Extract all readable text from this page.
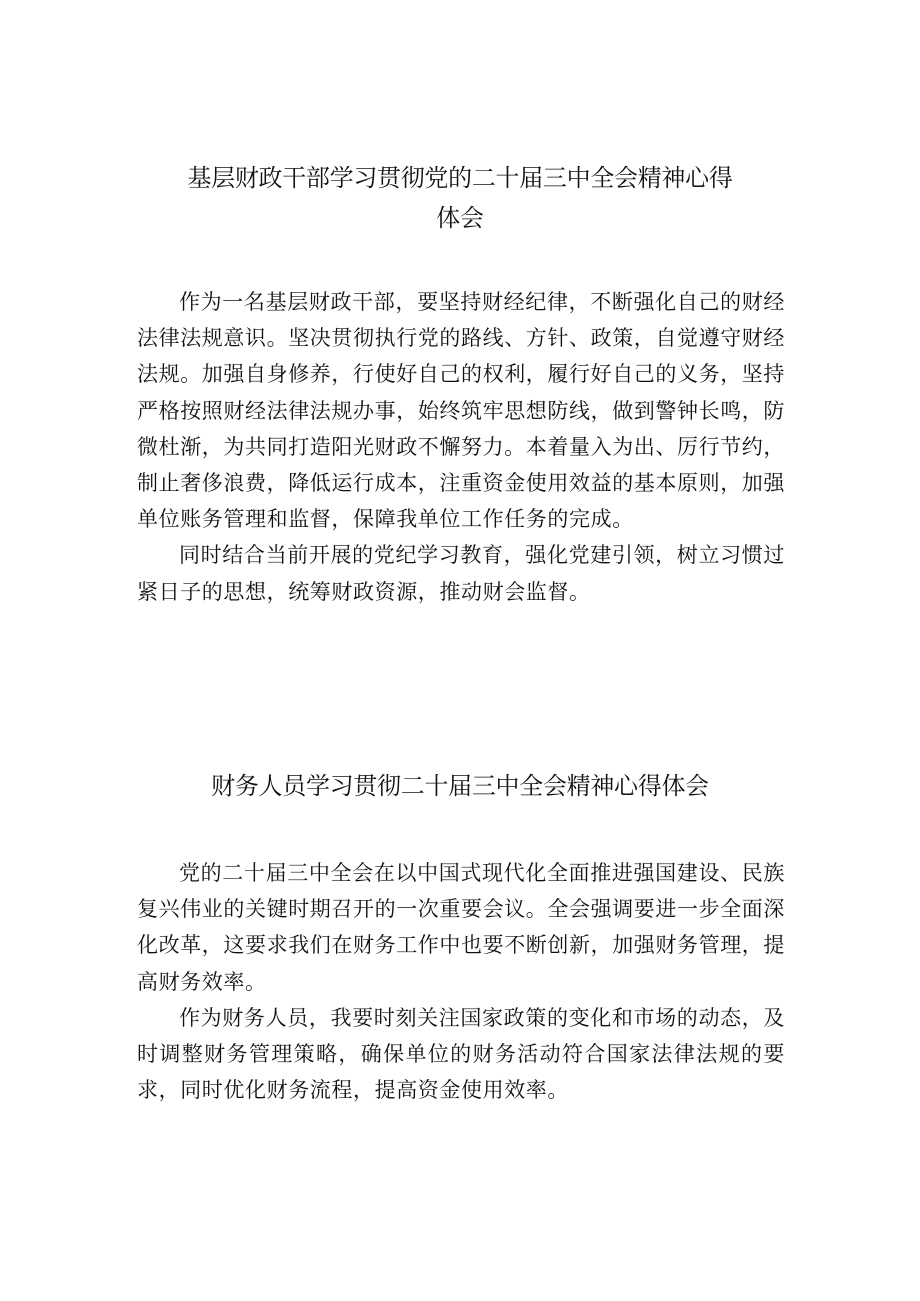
基层财政干部学习贯彻党的二十届三中全会精神心得
体会

作为一名基层财政干部，要坚持财经纪律，不断强化自己的财经法律法规意识。坚决贯彻执行党的路线、方针、政策，自觉遵守财经法规。加强自身修养，行使好自己的权利，履行好自己的义务，坚持严格按照财经法律法规办事，始终筑牢思想防线，做到警钟长鸣，防微杜渐，为共同打造阳光财政不懈努力。本着量入为出、厉行节约，制止奢侈浪费，降低运行成本，注重资金使用效益的基本原则，加强单位账务管理和监督，保障我单位工作任务的完成。

同时结合当前开展的党纪学习教育，强化党建引领，树立习惯过紧日子的思想，统筹财政资源，推动财会监督。

财务人员学习贯彻二十届三中全会精神心得体会

党的二十届三中全会在以中国式现代化全面推进强国建设、民族复兴伟业的关键时期召开的一次重要会议。全会强调要进一步全面深化改革，这要求我们在财务工作中也要不断创新，加强财务管理，提高财务效率。

作为财务人员，我要时刻关注国家政策的变化和市场的动态，及时调整财务管理策略，确保单位的财务活动符合国家法律法规的要求，同时优化财务流程，提高资金使用效率。
